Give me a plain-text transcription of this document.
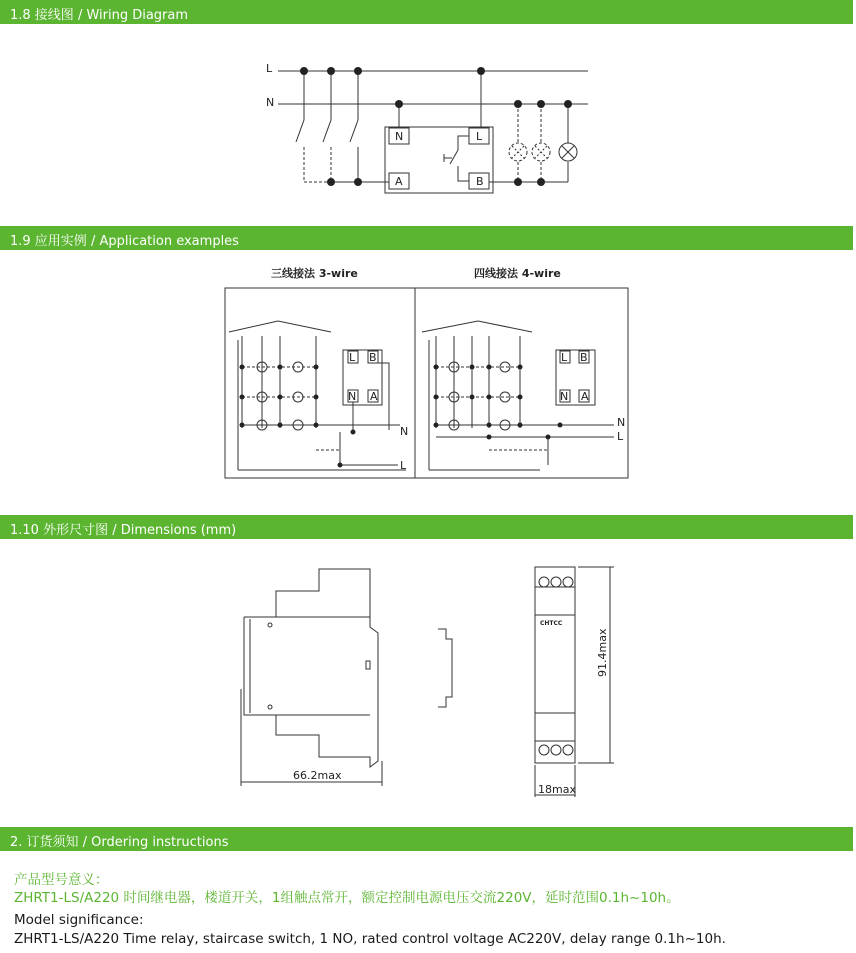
1.8 接线图 / Wiring Diagram
1.9 应用实例 / Application examples
1.10 外形尺寸图 / Dimensions (mm)
2. 订货须知 / Ordering instructions
L
N
N	L
A	B
三线接法 3-wire	四线接法 4-wire
N
L
N
L
L B
N A
L B
N A
66.2max
91.4max
18max
CHTCC
产品型号意义：
ZHRT1-LS/A220 时间继电器，楼道开关，1组触点常开，额定控制电源电压交流220V，延时范围0.1h~10h。
Model significance:
ZHRT1-LS/A220 Time relay, staircase switch, 1 NO, rated control voltage AC220V, delay range 0.1h~10h.
